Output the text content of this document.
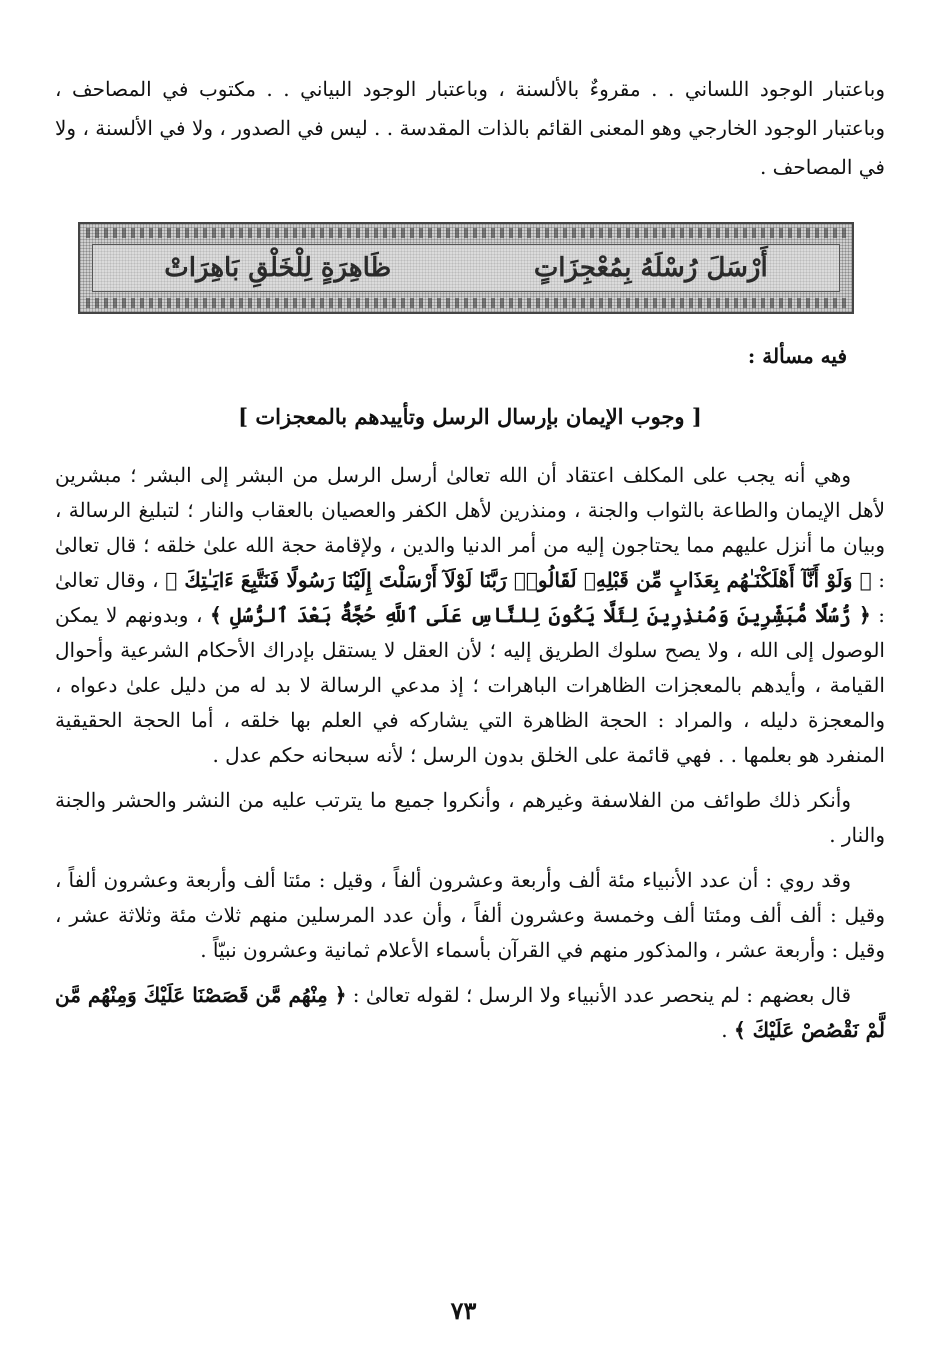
وباعتبار الوجود اللساني . . مقروءٌ بالألسنة ، وباعتبار الوجود البياني . . مكتوب في المصاحف ، وباعتبار الوجود الخارجي وهو المعنى القائم بالذات المقدسة . . ليس في الصدور ، ولا في الألسنة ، ولا في المصاحف .

أَرْسَلَ رُسْلَهُ بِمُعْجِزَاتٍ
ظَاهِرَةٍ لِلْخَلْقِ بَاهِرَاتْ
فيه مسألة :
[ وجوب الإيمان بإرسال الرسل وتأييدهم بالمعجزات ]

وهي أنه يجب على المكلف اعتقاد أن الله تعالىٰ أرسل الرسل من البشر إلى البشر ؛ مبشرين لأهل الإيمان والطاعة بالثواب والجنة ، ومنذرين لأهل الكفر والعصيان بالعقاب والنار ؛ لتبليغ الرسالة ، وبيان ما أنزل عليهم مما يحتاجون إليه من أمر الدنيا والدين ، ولإقامة حجة الله علىٰ خلقه ؛ قال تعالىٰ : ﴿ وَلَوْ أَنَّآ أَهْلَكْنَـٰهُم بِعَذَابٍ مِّن قَبْلِهِۦ لَقَالُوا۟ رَبَّنَا لَوْلَآ أَرْسَلْتَ إِلَيْنَا رَسُولًا فَنَتَّبِعَ ءَايَـٰتِكَ ﴾ ، وقال تعالىٰ : ﴿ رُّسُلًا مُّبَشِّرِينَ وَمُنذِرِينَ لِئَلَّا يَكُونَ لِلنَّاسِ عَلَى ٱللَّهِ حُجَّةٌۢ بَعْدَ ٱلرُّسُلِ ﴾ ، وبدونهم لا يمكن الوصول إلى الله ، ولا يصح سلوك الطريق إليه ؛ لأن العقل لا يستقل بإدراك الأحكام الشرعية وأحوال القيامة ، وأيدهم بالمعجزات الظاهرات الباهرات ؛ إذ مدعي الرسالة لا بد له من دليل علىٰ دعواه ، والمعجزة دليله ، والمراد : الحجة الظاهرة التي يشاركه في العلم بها خلقه ، أما الحجة الحقيقية المنفرد هو بعلمها . . فهي قائمة على الخلق بدون الرسل ؛ لأنه سبحانه حكم عدل .

وأنكر ذلك طوائف من الفلاسفة وغيرهم ، وأنكروا جميع ما يترتب عليه من النشر والحشر والجنة والنار .

وقد روي : أن عدد الأنبياء مئة ألف وأربعة وعشرون ألفاً ، وقيل : مئتا ألف وأربعة وعشرون ألفاً ، وقيل : ألف ألف ومئتا ألف وخمسة وعشرون ألفاً ، وأن عدد المرسلين منهم ثلاث مئة وثلاثة عشر ، وقيل : وأربعة عشر ، والمذكور منهم في القرآن بأسماء الأعلام ثمانية وعشرون نبيّاً .

قال بعضهم : لم ينحصر عدد الأنبياء ولا الرسل ؛ لقوله تعالىٰ : ﴿ مِنْهُم مَّن قَصَصْنَا عَلَيْكَ وَمِنْهُم مَّن لَّمْ نَقْصُصْ عَلَيْكَ ﴾ .

٧٣
